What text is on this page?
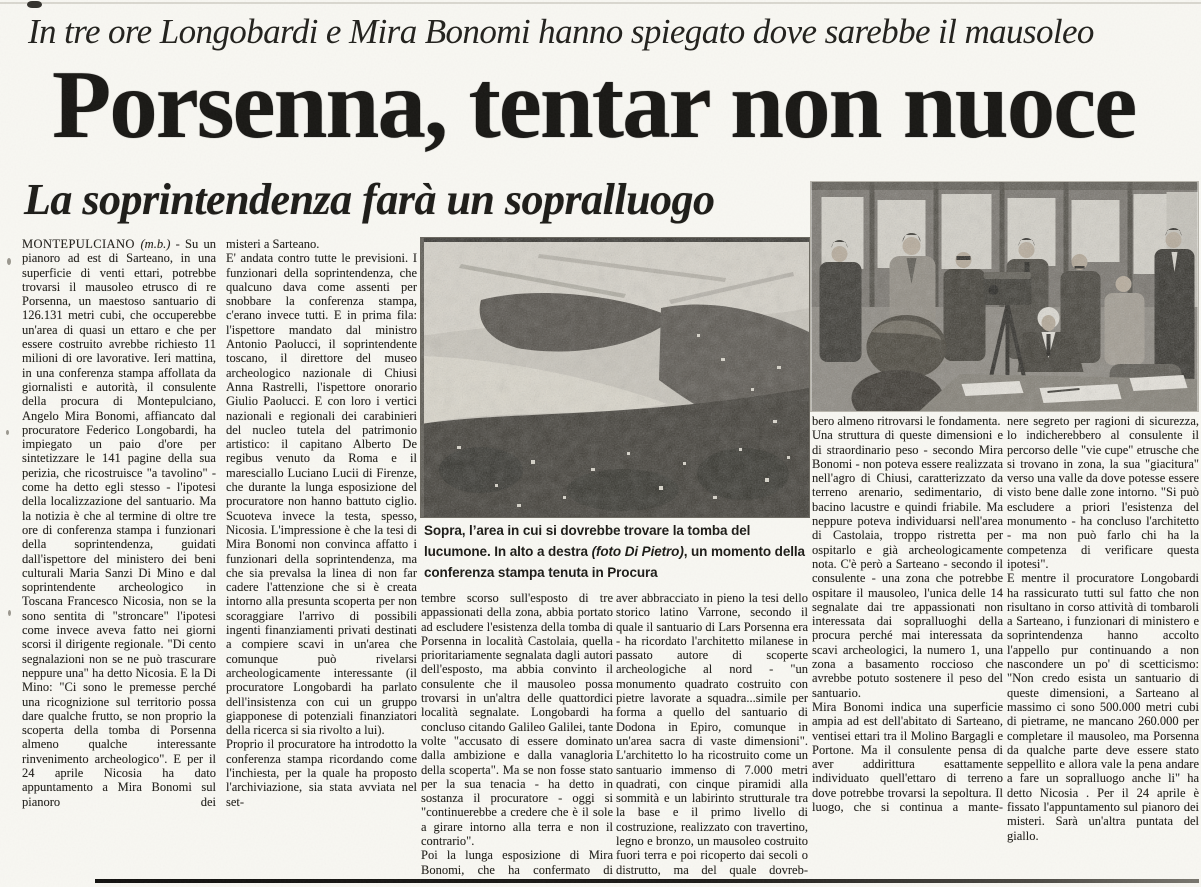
In tre ore Longobardi e Mira Bonomi hanno spiegato dove sarebbe il mausoleo
Porsenna, tentar non nuoce
La soprintendenza farà un sopralluogo
Sopra, l’area in cui si dovrebbe trovare la tomba del lucumone. In alto a destra (foto Di Pietro), un momento della conferenza stampa tenuta in Procura

MONTEPULCIANO (m.b.) - Su un pianoro ad est di Sarteano, in una superficie di venti ettari, potrebbe trovarsi il mausoleo etrusco di re Porsenna, un maestoso santuario di 126.131 metri cubi, che occuperebbe un'area di quasi un ettaro e che per essere costruito avrebbe richiesto 11 milioni di ore lavorative. Ieri mattina, in una conferenza stampa affollata da giornalisti e autorità, il consulente della procura di Montepulciano, Angelo Mira Bonomi, affiancato dal procuratore Federico Longobardi, ha impiegato un paio d'ore per sintetizzare le 141 pagine della sua perizia, che ricostruisce "a tavolino" - come ha detto egli stesso - l'ipotesi della localizzazione del santuario. Ma la notizia è che al termine di oltre tre ore di conferenza stampa i funzionari della soprintendenza, guidati dall'ispettore del ministero dei beni culturali Maria Sanzi Di Mino e dal soprintendente archeologico in Toscana Francesco Nicosia, non se la sono sentita di "stroncare" l'ipotesi come invece aveva fatto nei giorni scorsi il dirigente regionale. "Di cento segnalazioni non se ne può trascurare neppure una" ha detto Nicosia. E la Di Mino: "Ci sono le premesse perché una ricognizione sul territorio possa dare qualche frutto, se non proprio la scoperta della tomba di Porsenna almeno qualche interessante rinvenimento archeologico". E per il 24 aprile Nicosia ha dato appuntamento a Mira Bonomi sul pianoro dei

misteri a Sarteano.

E' andata contro tutte le previsioni. I funzionari della soprintendenza, che qualcuno dava come assenti per snobbare la conferenza stampa, c'erano invece tutti. E in prima fila: l'ispettore mandato dal ministro Antonio Paolucci, il soprintendente toscano, il direttore del museo archeologico nazionale di Chiusi Anna Rastrelli, l'ispettore onorario Giulio Paolucci. E con loro i vertici nazionali e regionali dei carabinieri del nucleo tutela del patrimonio artistico: il capitano Alberto De regibus venuto da Roma e il maresciallo Luciano Lucii di Firenze, che durante la lunga esposizione del procuratore non hanno battuto ciglio. Scuoteva invece la testa, spesso, Nicosia. L'impressione è che la tesi di Mira Bonomi non convinca affatto i funzionari della soprintendenza, ma che sia prevalsa la linea di non far cadere l'attenzione che si è creata intorno alla presunta scoperta per non scoraggiare l'arrivo di possibili ingenti finanziamenti privati destinati a compiere scavi in un'area che comunque può rivelarsi archeologicamente interessante (il procuratore Longobardi ha parlato dell'insistenza con cui un gruppo giapponese di potenziali finanziatori della ricerca si sia rivolto a lui).

Proprio il procuratore ha introdotto la conferenza stampa ricordando come l'inchiesta, per la quale ha proposto l'archiviazione, sia stata avviata nel set-

tembre scorso sull'esposto di tre appassionati della zona, abbia portato ad escludere l'esistenza della tomba di Porsenna in località Castolaia, quella prioritariamente segnalata dagli autori dell'esposto, ma abbia convinto il consulente che il mausoleo possa trovarsi in un'altra delle quattordici località segnalate. Longobardi ha concluso citando Galileo Galilei, tante volte "accusato di essere dominato dalla ambizione e dalla vanagloria della scoperta". Ma se non fosse stato per la sua tenacia - ha detto in sostanza il procuratore - oggi si "continuerebbe a credere che è il sole a girare intorno alla terra e non il contrario".

Poi la lunga esposizione di Mira Bonomi, che ha confermato di

aver abbracciato in pieno la tesi dello storico latino Varrone, secondo il quale il santuario di Lars Porsenna era - ha ricordato l'architetto milanese in passato autore di scoperte archeologiche al nord - "un monumento quadrato costruito con pietre lavorate a squadra...simile per forma a quello del santuario di Dodona in Epiro, comunque in un'area sacra di vaste dimensioni". L'architetto lo ha ricostruito come un santuario immenso di 7.000 metri quadrati, con cinque piramidi alla sommità e un labirinto strutturale tra la base e il primo livello di costruzione, realizzato con travertino, legno e bronzo, un mausoleo costruito fuori terra e poi ricoperto dai secoli o distrutto, ma del quale dovreb-

bero almeno ritrovarsi le fondamenta.

Una struttura di queste dimensioni e di straordinario peso - secondo Mira Bonomi - non poteva essere realizzata nell'agro di Chiusi, caratterizzato da terreno arenario, sedimentario, di bacino lacustre e quindi friabile. Ma neppure poteva individuarsi nell'area di Castolaia, troppo ristretta per ospitarlo e già archeologicamente nota. C'è però a Sarteano - secondo il consulente - una zona che potrebbe ospitare il mausoleo, l'unica delle 14 segnalate dai tre appassionati non interessata dai sopralluoghi della procura perché mai interessata da scavi archeologici, la numero 1, una zona a basamento roccioso che avrebbe potuto sostenere il peso del santuario.

Mira Bonomi indica una superficie ampia ad est dell'abitato di Sarteano, ventisei ettari tra il Molino Bargagli e Portone. Ma il consulente pensa di aver addirittura esattamente individuato quell'ettaro di terreno dove potrebbe trovarsi la sepoltura. Il luogo, che si continua a mante-

nere segreto per ragioni di sicurezza, lo indicherebbero al consulente il percorso delle "vie cupe" etrusche che si trovano in zona, la sua "giacitura" verso una valle da dove potesse essere visto bene dalle zone intorno. "Si può escludere a priori l'esistenza del monumento - ha concluso l'architetto - ma non può farlo chi ha la competenza di verificare questa ipotesi".

E mentre il procuratore Longobardi ha rassicurato tutti sul fatto che non risultano in corso attività di tombaroli a Sarteano, i funzionari di ministero e soprintendenza hanno accolto l'appello pur continuando a non nascondere un po' di scetticismo: "Non credo esista un santuario di queste dimensioni, a Sarteano al massimo ci sono 500.000 metri cubi di pietrame, ne mancano 260.000 per completare il mausoleo, ma Porsenna da qualche parte deve essere stato seppellito e allora vale la pena andare a fare un sopralluogo anche li" ha detto Nicosia . Per il 24 aprile è fissato l'appuntamento sul pianoro dei misteri. Sarà un'altra puntata del giallo.
